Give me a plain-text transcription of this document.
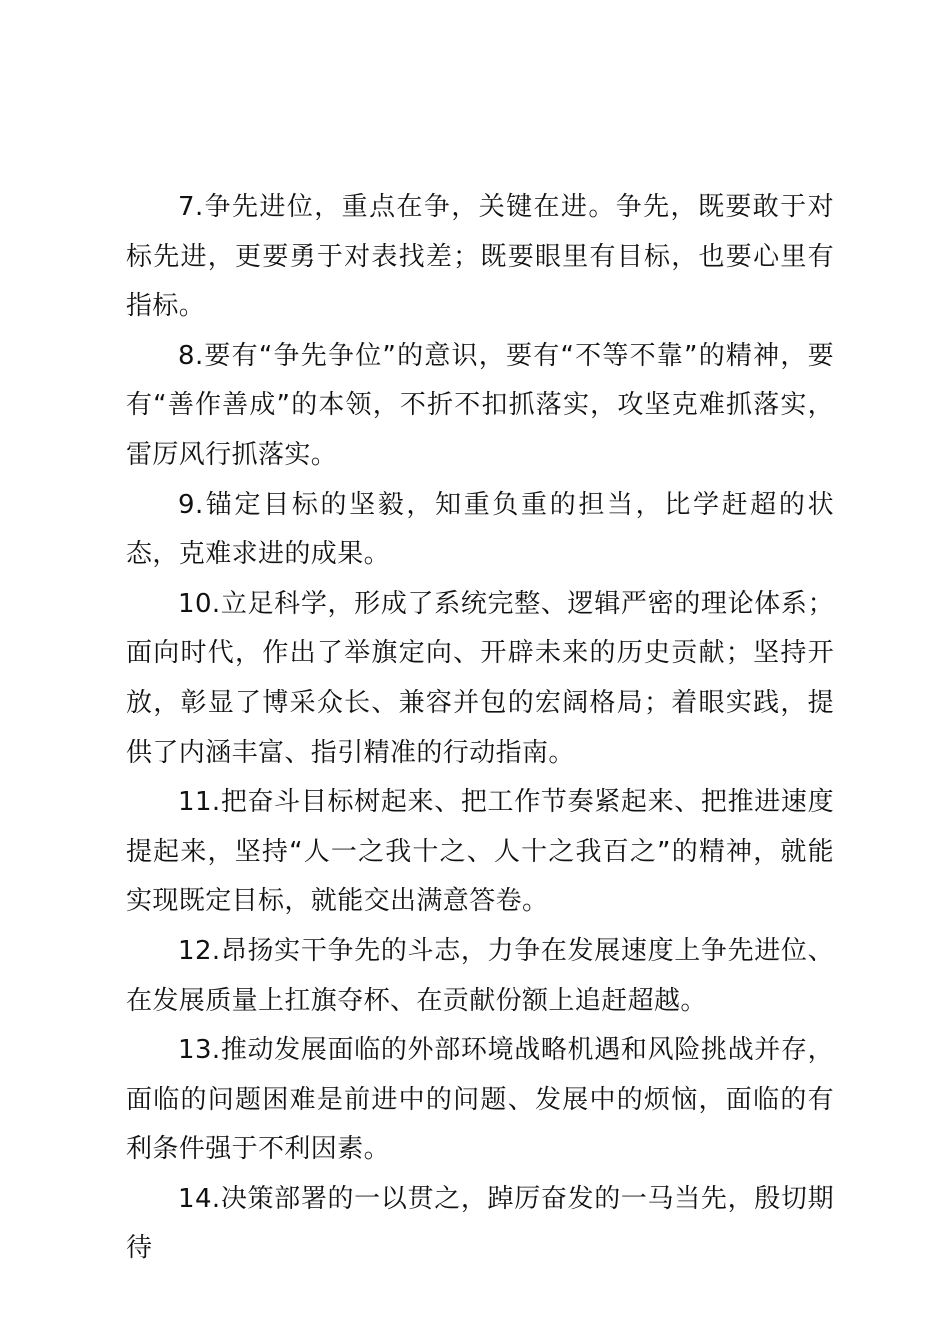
7.争先进位，重点在争，关键在进。争先，既要敢于对标先进，更要勇于对表找差；既要眼里有目标，也要心里有指标。

8.要有“争先争位”的意识，要有“不等不靠”的精神，要有“善作善成”的本领，不折不扣抓落实，攻坚克难抓落实，雷厉风行抓落实。

9.锚定目标的坚毅，知重负重的担当，比学赶超的状态，克难求进的成果。

10.立足科学，形成了系统完整、逻辑严密的理论体系；面向时代，作出了举旗定向、开辟未来的历史贡献；坚持开放，彰显了博采众长、兼容并包的宏阔格局；着眼实践，提供了内涵丰富、指引精准的行动指南。

11.把奋斗目标树起来、把工作节奏紧起来、把推进速度提起来，坚持“人一之我十之、人十之我百之”的精神，就能实现既定目标，就能交出满意答卷。

12.昂扬实干争先的斗志，力争在发展速度上争先进位、在发展质量上扛旗夺杯、在贡献份额上追赶超越。

13.推动发展面临的外部环境战略机遇和风险挑战并存，面临的问题困难是前进中的问题、发展中的烦恼，面临的有利条件强于不利因素。

14.决策部署的一以贯之，踔厉奋发的一马当先，殷切期待
